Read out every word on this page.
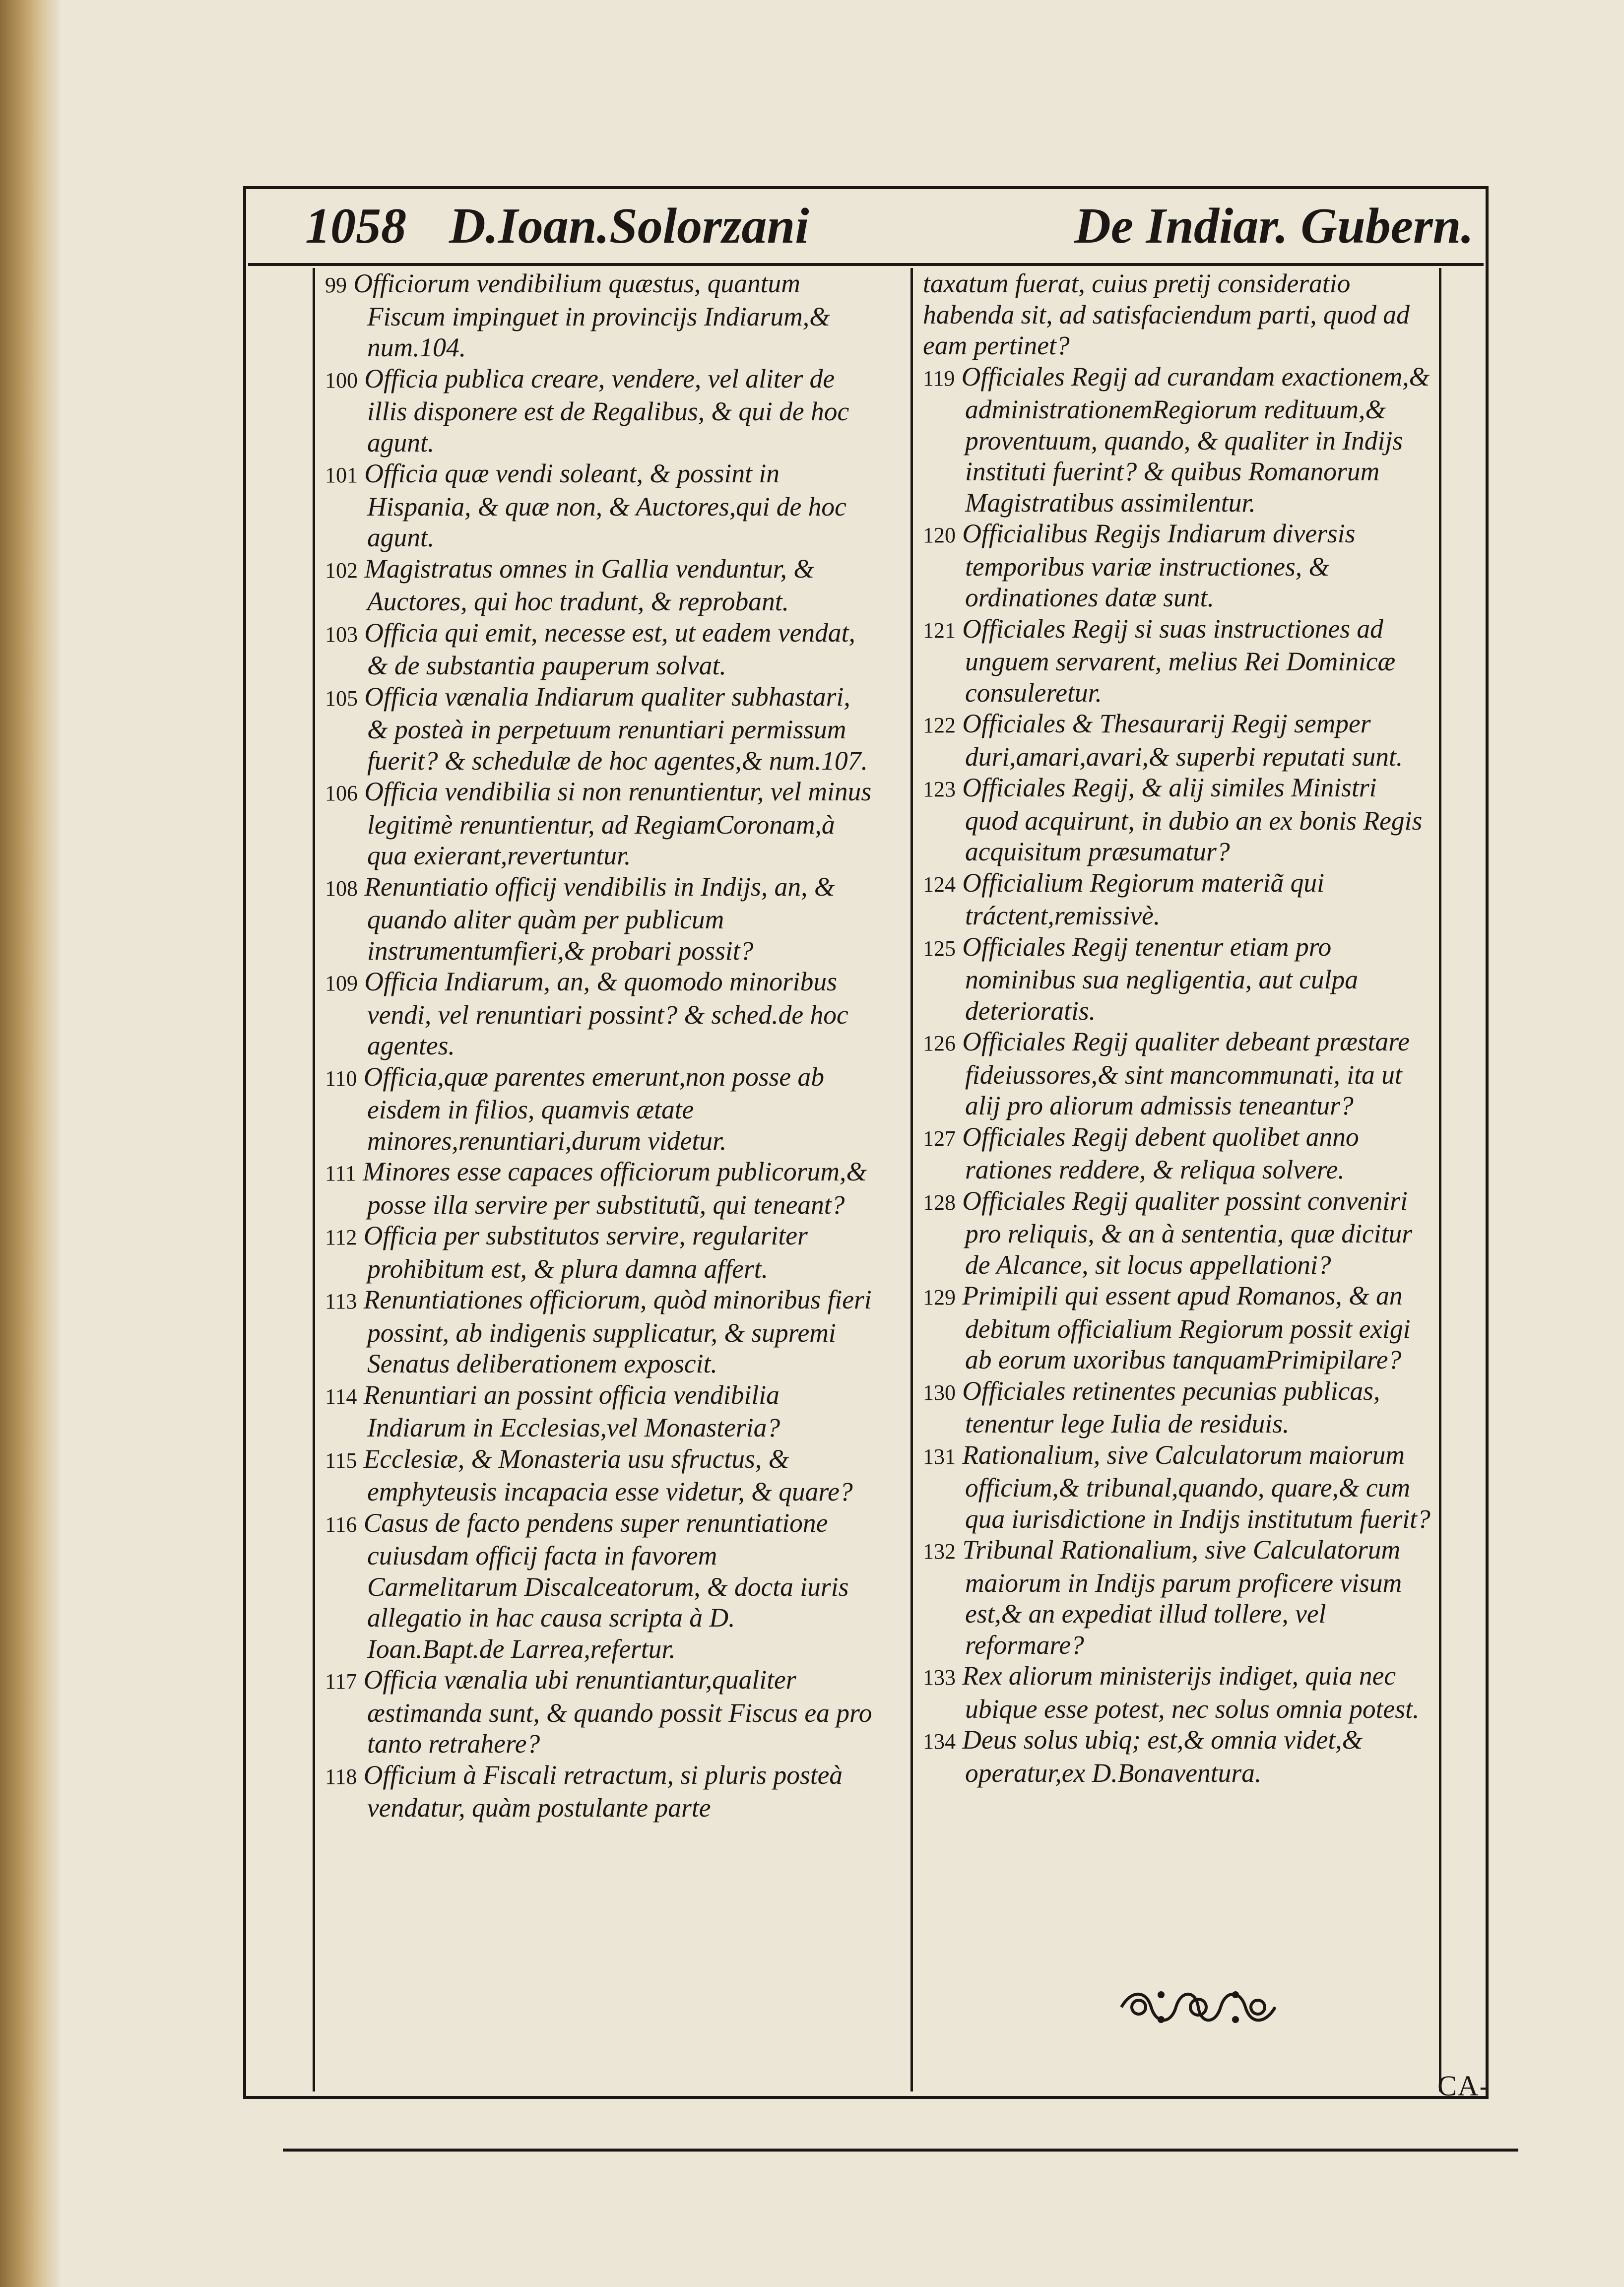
1058 D.Ioan.Solorzani	De Indiar. Gubern.

99 Officiorum vendibilium quæstus, quantum Fiscum impinguet in provincijs Indiarum,& num.104.

100 Officia publica creare, vendere, vel aliter de illis disponere est de Regalibus, & qui de hoc agunt.

101 Officia quæ vendi soleant, & possint in Hispania, & quæ non, & Auctores,qui de hoc agunt.

102 Magistratus omnes in Gallia venduntur, & Auctores, qui hoc tradunt, & reprobant.

103 Officia qui emit, necesse est, ut eadem vendat, & de substantia pauperum solvat.

105 Officia vænalia Indiarum qualiter subhastari, & posteà in perpetuum renuntiari permissum fuerit? & schedulæ de hoc agentes,& num.107.

106 Officia vendibilia si non renuntientur, vel minus legitimè renuntientur, ad RegiamCoronam,à qua exierant,revertuntur.

108 Renuntiatio officij vendibilis in Indijs, an, & quando aliter quàm per publicum instrumentumfieri,& probari possit?

109 Officia Indiarum, an, & quomodo minoribus vendi, vel renuntiari possint? & sched.de hoc agentes.

110 Officia,quæ parentes emerunt,non posse ab eisdem in filios, quamvis ætate minores,renuntiari,durum videtur.

111 Minores esse capaces officiorum publicorum,& posse illa servire per substitutũ, qui teneant?

112 Officia per substitutos servire, regulariter prohibitum est, & plura damna affert.

113 Renuntiationes officiorum, quòd minoribus fieri possint, ab indigenis supplicatur, & supremi Senatus deliberationem exposcit.

114 Renuntiari an possint officia vendibilia Indiarum in Ecclesias,vel Monasteria?

115 Ecclesiæ, & Monasteria usu sfructus, & emphyteusis incapacia esse videtur, & quare?

116 Casus de facto pendens super renuntiatione cuiusdam officij facta in favorem Carmelitarum Discalceatorum, & docta iuris allegatio in hac causa scripta à D. Ioan.Bapt.de Larrea,refertur.

117 Officia vænalia ubi renuntiantur,qualiter æstimanda sunt, & quando possit Fiscus ea pro tanto retrahere?

118 Officium à Fiscali retractum, si pluris posteà vendatur, quàm postulante parte

taxatum fuerat, cuius pretij consideratio habenda sit, ad satisfaciendum parti, quod ad eam pertinet?

119 Officiales Regij ad curandam exactionem,& administrationemRegiorum redituum,& proventuum, quando, & qualiter in Indijs instituti fuerint? & quibus Romanorum Magistratibus assimilentur.

120 Officialibus Regijs Indiarum diversis temporibus variæ instructiones, & ordinationes datæ sunt.

121 Officiales Regij si suas instructiones ad unguem servarent, melius Rei Dominicæ consuleretur.

122 Officiales & Thesaurarij Regij semper duri,amari,avari,& superbi reputati sunt.

123 Officiales Regij, & alij similes Ministri quod acquirunt, in dubio an ex bonis Regis acquisitum præsumatur?

124 Officialium Regiorum materiã qui tráctent,remissivè.

125 Officiales Regij tenentur etiam pro nominibus sua negligentia, aut culpa deterioratis.

126 Officiales Regij qualiter debeant præstare fideiussores,& sint mancommunati, ita ut alij pro aliorum admissis teneantur?

127 Officiales Regij debent quolibet anno rationes reddere, & reliqua solvere.

128 Officiales Regij qualiter possint conveniri pro reliquis, & an à sententia, quæ dicitur de Alcance, sit locus appellationi?

129 Primipili qui essent apud Romanos, & an debitum officialium Regiorum possit exigi ab eorum uxoribus tanquamPrimipilare?

130 Officiales retinentes pecunias publicas, tenentur lege Iulia de residuis.

131 Rationalium, sive Calculatorum maiorum officium,& tribunal,quando, quare,& cum qua iurisdictione in Indijs institutum fuerit?

132 Tribunal Rationalium, sive Calculatorum maiorum in Indijs parum proficere visum est,& an expediat illud tollere, vel reformare?

133 Rex aliorum ministerijs indiget, quia nec ubique esse potest, nec solus omnia potest.

134 Deus solus ubiq; est,& omnia videt,& operatur,ex D.Bonaventura.

CA-
